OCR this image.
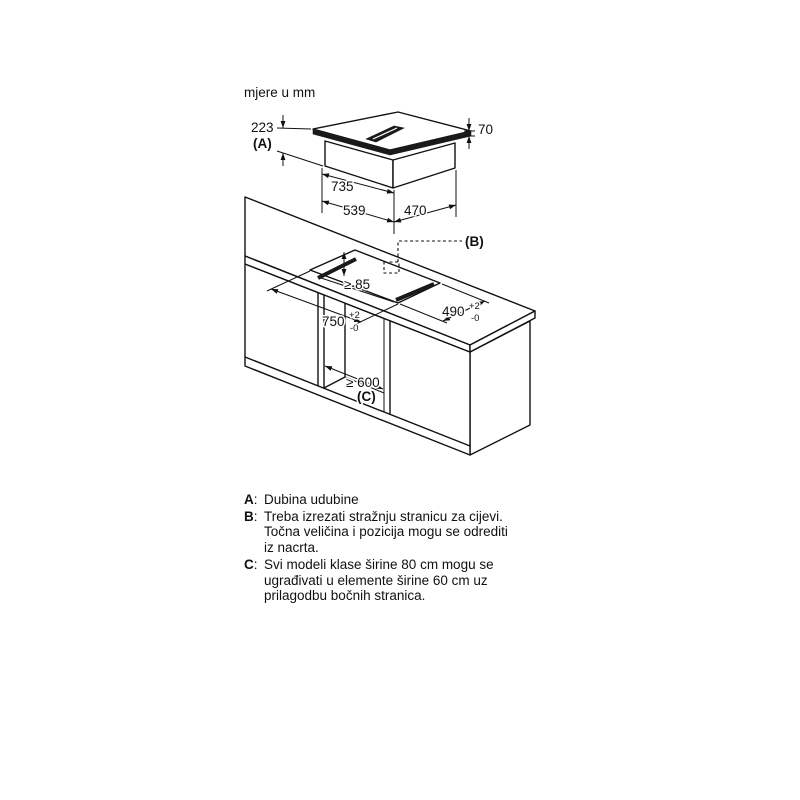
mjere u mm
223
(A)
70
735
539	470
≥ 600
(C)
(B)
≥ 85
750 +2
-0
490 +2
-0
A: Dubina udubine
B: Treba izrezati stražnju stranicu za cijevi.
Točna veličina i pozicija mogu se odrediti
iz nacrta.
C: Svi modeli klase širine 80 cm mogu se
ugrađivati u elemente širine 60 cm uz
prilagodbu bočnih stranica.
